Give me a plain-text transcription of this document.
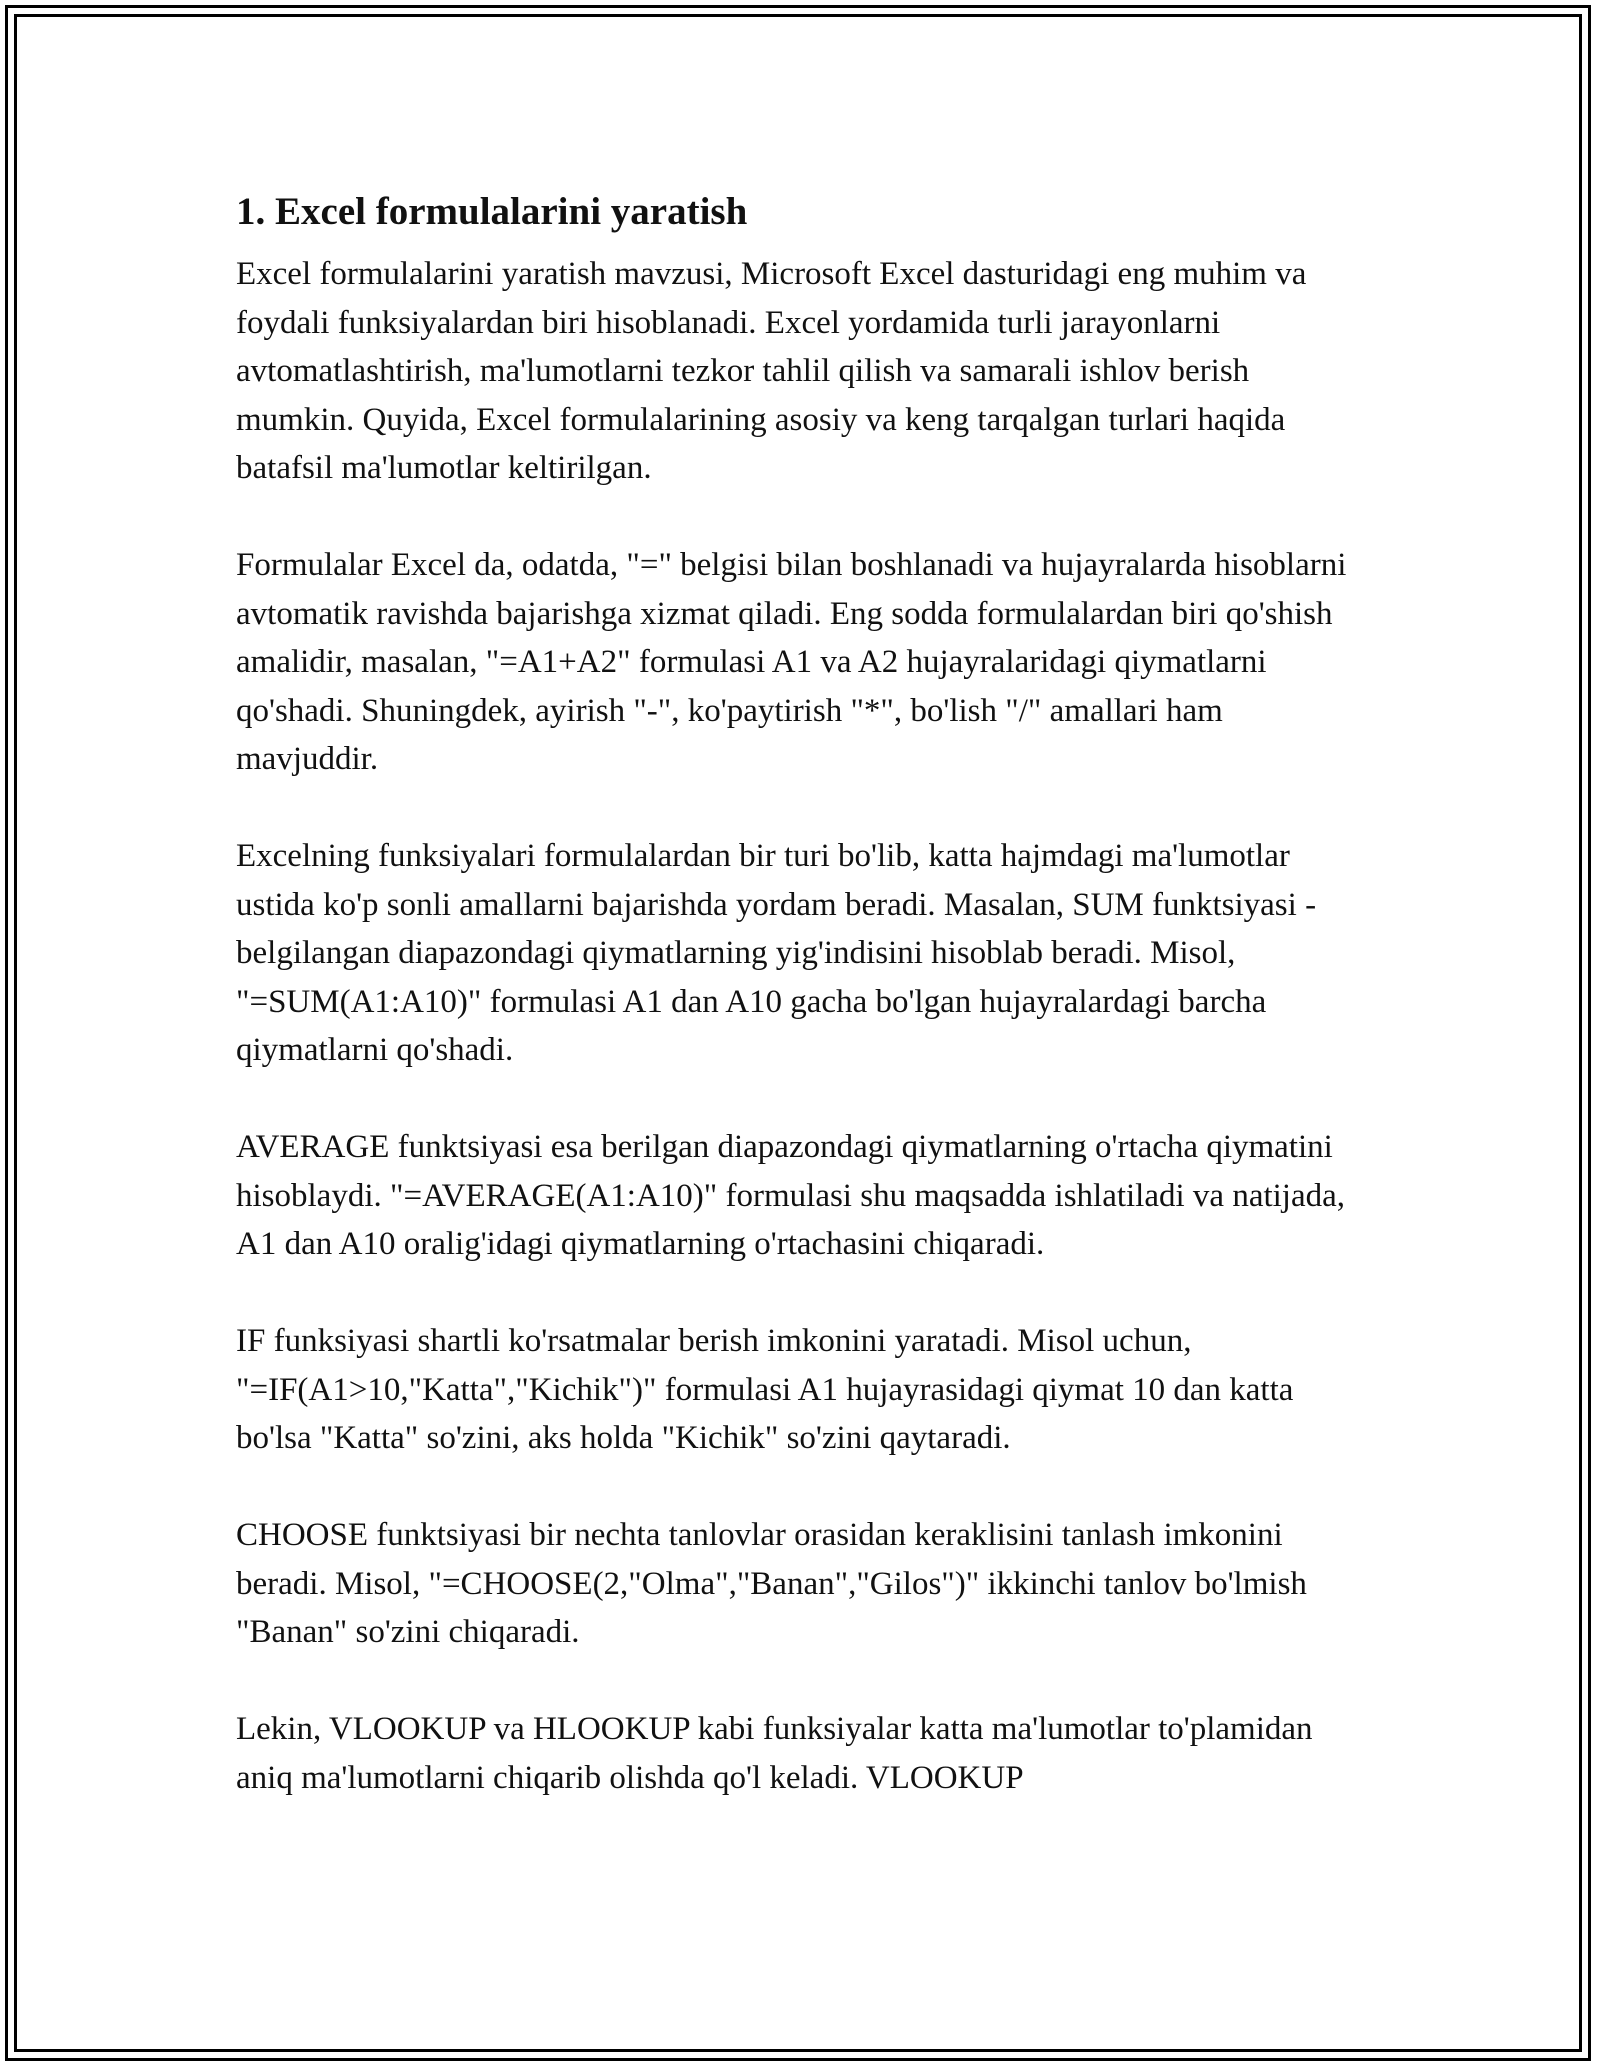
1. Excel formulalarini yaratish

Excel formulalarini yaratish mavzusi, Microsoft Excel dasturidagi eng muhim va foydali funksiyalardan biri hisoblanadi. Excel yordamida turli jarayonlarni avtomatlashtirish, ma'lumotlarni tezkor tahlil qilish va samarali ishlov berish mumkin. Quyida, Excel formulalarining asosiy va keng tarqalgan turlari haqida batafsil ma'lumotlar keltirilgan.

Formulalar Excel da, odatda, "=" belgisi bilan boshlanadi va hujayralarda hisoblarni avtomatik ravishda bajarishga xizmat qiladi. Eng sodda formulalardan biri qo'shish amalidir, masalan, "=A1+A2" formulasi A1 va A2 hujayralaridagi qiymatlarni qo'shadi. Shuningdek, ayirish "-", ko'paytirish "*", bo'lish "/" amallari ham mavjuddir.

Excelning funksiyalari formulalardan bir turi bo'lib, katta hajmdagi ma'lumotlar ustida ko'p sonli amallarni bajarishda yordam beradi. Masalan, SUM funktsiyasi - belgilangan diapazondagi qiymatlarning yig'indisini hisoblab beradi. Misol, "=SUM(A1:A10)" formulasi A1 dan A10 gacha bo'lgan hujayralardagi barcha qiymatlarni qo'shadi.

AVERAGE funktsiyasi esa berilgan diapazondagi qiymatlarning o'rtacha qiymatini hisoblaydi. "=AVERAGE(A1:A10)" formulasi shu maqsadda ishlatiladi va natijada, A1 dan A10 oralig'idagi qiymatlarning o'rtachasini chiqaradi.

IF funksiyasi shartli ko'rsatmalar berish imkonini yaratadi. Misol uchun, "=IF(A1>10,"Katta","Kichik")" formulasi A1 hujayrasidagi qiymat 10 dan katta bo'lsa "Katta" so'zini, aks holda "Kichik" so'zini qaytaradi.

CHOOSE funktsiyasi bir nechta tanlovlar orasidan keraklisini tanlash imkonini beradi. Misol, "=CHOOSE(2,"Olma","Banan","Gilos")" ikkinchi tanlov bo'lmish "Banan" so'zini chiqaradi.

Lekin, VLOOKUP va HLOOKUP kabi funksiyalar katta ma'lumotlar to'plamidan aniq ma'lumotlarni chiqarib olishda qo'l keladi. VLOOKUP
